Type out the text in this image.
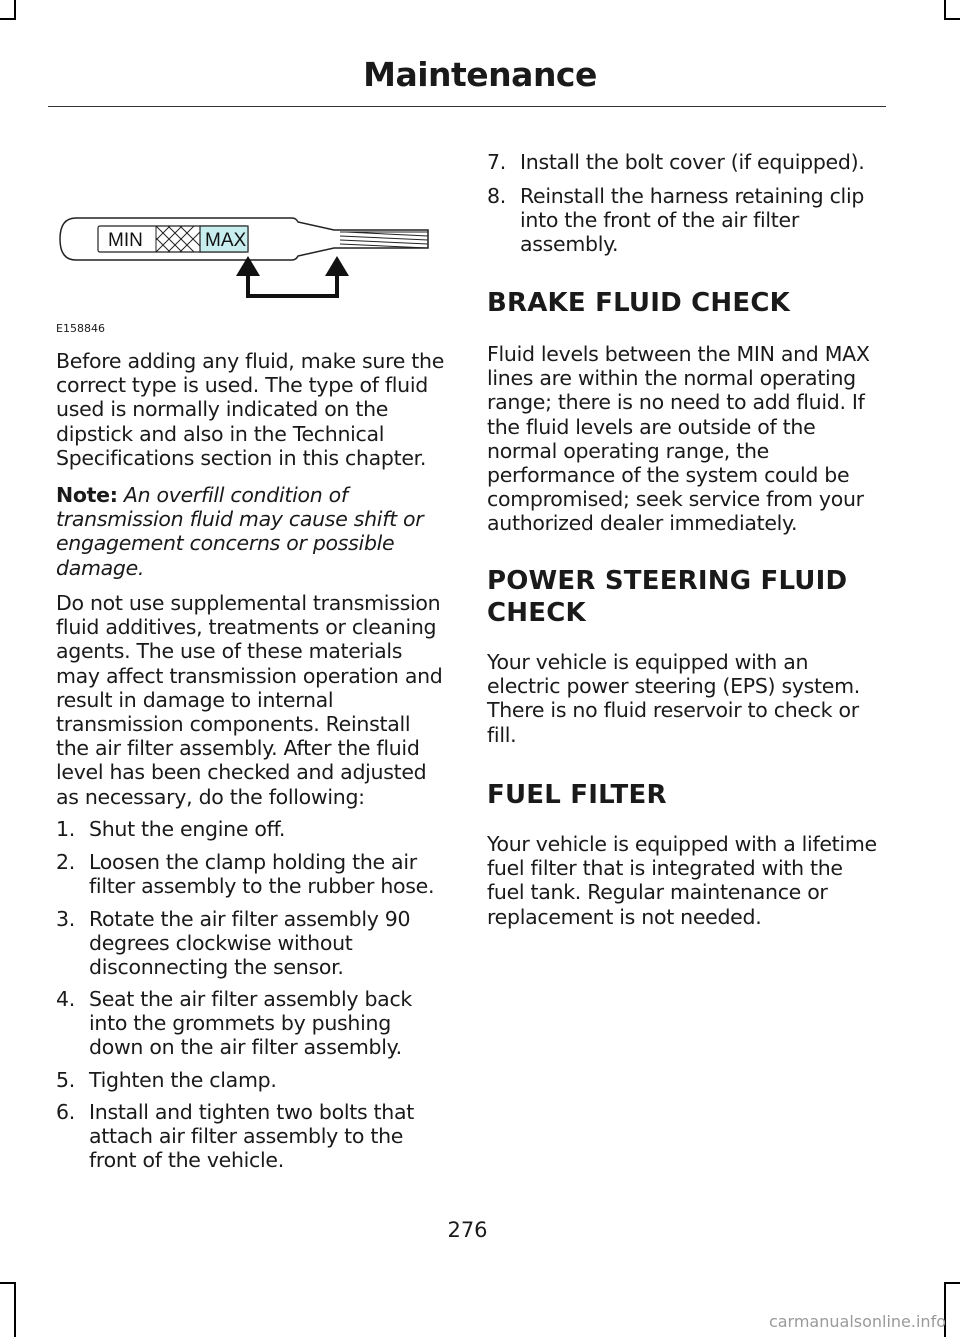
Maintenance
MIN	MAX
E158846

Before adding any fluid, make sure the correct type is used. The type of fluid used is normally indicated on the dipstick and also in the Technical Specifications section in this chapter.

Note: An overfill condition of transmission fluid may cause shift or engagement concerns or possible damage.

Do not use supplemental transmission fluid additives, treatments or cleaning agents. The use of these materials may affect transmission operation and result in damage to internal transmission components. Reinstall the air filter assembly. After the fluid level has been checked and adjusted as necessary, do the following:

1. Shut the engine off.
2. Loosen the clamp holding the air filter assembly to the rubber hose.
3. Rotate the air filter assembly 90 degrees clockwise without disconnecting the sensor.
4. Seat the air filter assembly back into the grommets by pushing down on the air filter assembly.
5. Tighten the clamp.
6. Install and tighten two bolts that attach air filter assembly to the front of the vehicle.
7. Install the bolt cover (if equipped).
8. Reinstall the harness retaining clip into the front of the air filter assembly.
BRAKE FLUID CHECK

Fluid levels between the MIN and MAX lines are within the normal operating range; there is no need to add fluid. If the fluid levels are outside of the normal operating range, the performance of the system could be compromised; seek service from your authorized dealer immediately.

POWER STEERING FLUID
CHECK

Your vehicle is equipped with an electric power steering (EPS) system. There is no fluid reservoir to check or fill.

FUEL FILTER

Your vehicle is equipped with a lifetime fuel filter that is integrated with the fuel tank. Regular maintenance or replacement is not needed.

276
carmanualsonline.info
